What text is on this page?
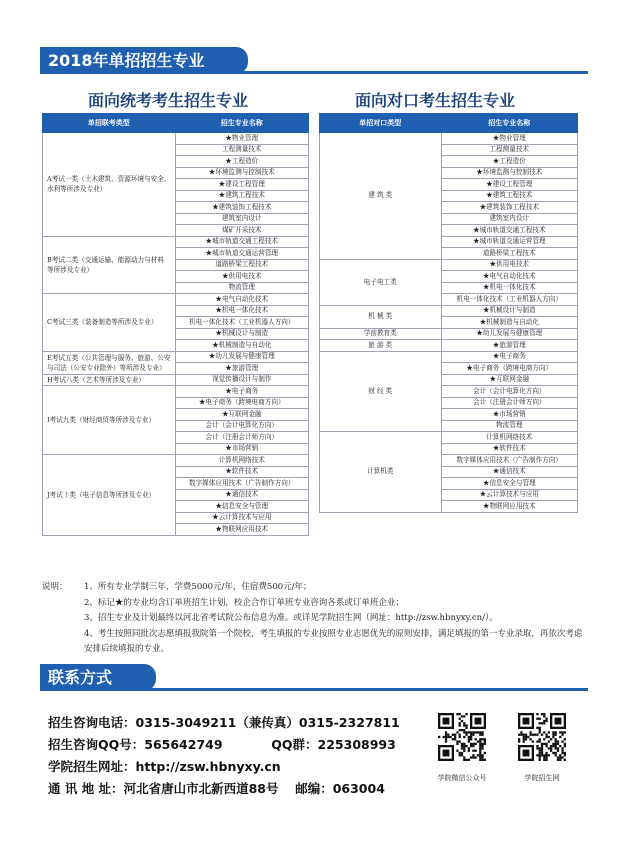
2018年单招招生专业
面向统考考生招生专业	面向对口考生招生专业
单招联考类型	招生专业名称
A考试一类（土木建筑、资源环境与安全、水利等所涉及专业）	★物业管理
	工程测量技术
	★工程造价
	★环境监测与控制技术
	★建设工程管理
	★建筑工程技术
	★建筑装饰工程技术
	建筑室内设计
	煤矿开采技术
B考试二类（交通运输、能源动力与材料等所涉及专业）	★城市轨道交通工程技术
	★城市轨道交通运营管理
	道路桥梁工程技术
	★供用电技术
	物流管理
C考试三类（装备制造等所涉及专业）	★电气自动化技术
	★机电一体化技术
	机电一体化技术（工业机器人方向）
	★机械设计与制造
	★机械制造与自动化
E考试五类（公共管理与服务、旅游、公安与司法（公安专业除外）等所涉及专业）	★幼儿发展与健康管理
	★旅游管理
H考试八类（艺术等所涉及专业）	视觉传播设计与制作
I考试九类（财经商贸等所涉及专业）	★电子商务
	★电子商务（跨境电商方向）
	★互联网金融
	会计（会计电算化方向）
	会计（注册会计师方向）
	★市场营销
J考试十类（电子信息等所涉及专业）	计算机网络技术
	★软件技术
	数字媒体应用技术（广告制作方向）
	★通信技术
	★信息安全与管理
	★云计算技术与应用
	★物联网应用技术
单招对口类型	招生专业名称
建 筑 类	★物业管理
	工程测量技术
	★工程造价
	★环境监测与控制技术
	★建设工程管理
	★建筑工程技术
	★建筑装饰工程技术
	建筑室内设计
	★城市轨道交通工程技术
	★城市轨道交通运营管理
	道路桥梁工程技术
电子电工类	★供用电技术
	★电气自动化技术
	★机电一体化技术
	机电一体化技术（工业机器人方向）
机 械 类	★机械设计与制造
	★机械制造与自动化
学前教育类	★幼儿发展与健康管理
旅 游 类	★旅游管理
财 经 类	★电子商务
	★电子商务（跨境电商方向）
	★互联网金融
	会计（会计电算化方向）
	会计（注册会计师方向）
	★市场营销
	物流管理
计算机类	计算机网络技术
	★软件技术
	数字媒体应用技术（广告制作方向）
	★通信技术
	★信息安全与管理
	★云计算技术与应用
	★物联网应用技术
说明：	1、所有专业学制三年，学费5000元/年，住宿费500元/年；
2、标记★的专业均含订单班招生计划，校企合作订单班专业咨询各系或订单班企业；
3、招生专业及计划最终以河北省考试院公布信息为准。或详见学院招生网（网址：http://zsw.hbnyxy.cn/）。
4、考生按照同批次志愿填报我院第一个院校，考生填报的专业按照专业志愿优先的原则安排，满足填报的第一专业录取，再依次考虑安排后续填报的专业。
联系方式
招生咨询电话：0315-3049211（兼传真）0315-2327811
招生咨询QQ号：565642749	QQ群：225308993
学院招生网址：http://zsw.hbnyxy.cn
通 讯 地 址：河北省唐山市北新西道88号 邮编：063004
学院微信公众号	学院招生网
